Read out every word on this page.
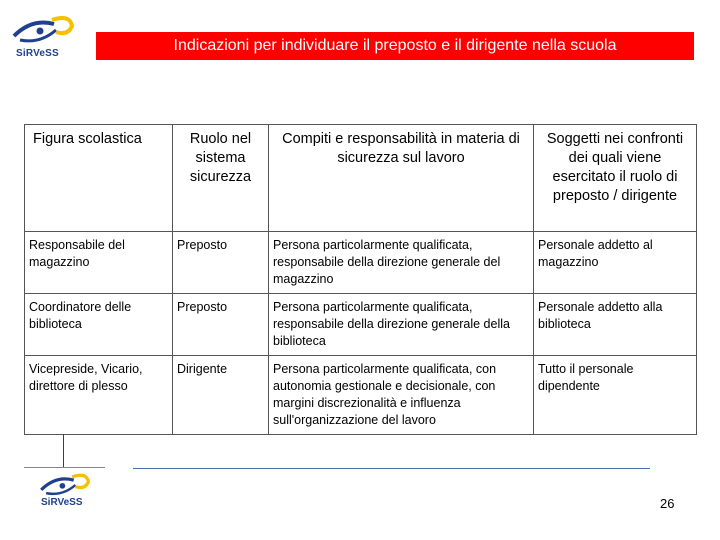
SiRVeSS	Indicazioni per individuare il preposto e il dirigente nella scuola
Figura scolastica	Ruolo nel sistema sicurezza	Compiti e responsabilità in materia di sicurezza sul lavoro	Soggetti nei confronti dei quali viene esercitato il ruolo di preposto / dirigente
Responsabile del magazzino	Preposto	Persona particolarmente qualificata, responsabile della direzione generale del magazzino	Personale addetto al magazzino
Coordinatore delle biblioteca	Preposto	Persona particolarmente qualificata, responsabile della direzione generale della biblioteca	Personale addetto alla biblioteca
Vicepreside, Vicario, direttore di plesso	Dirigente	Persona particolarmente qualificata, con autonomia gestionale e decisionale, con margini discrezionalità e influenza sull'organizzazione del lavoro	Tutto il personale dipendente
SiRVeSS	26
